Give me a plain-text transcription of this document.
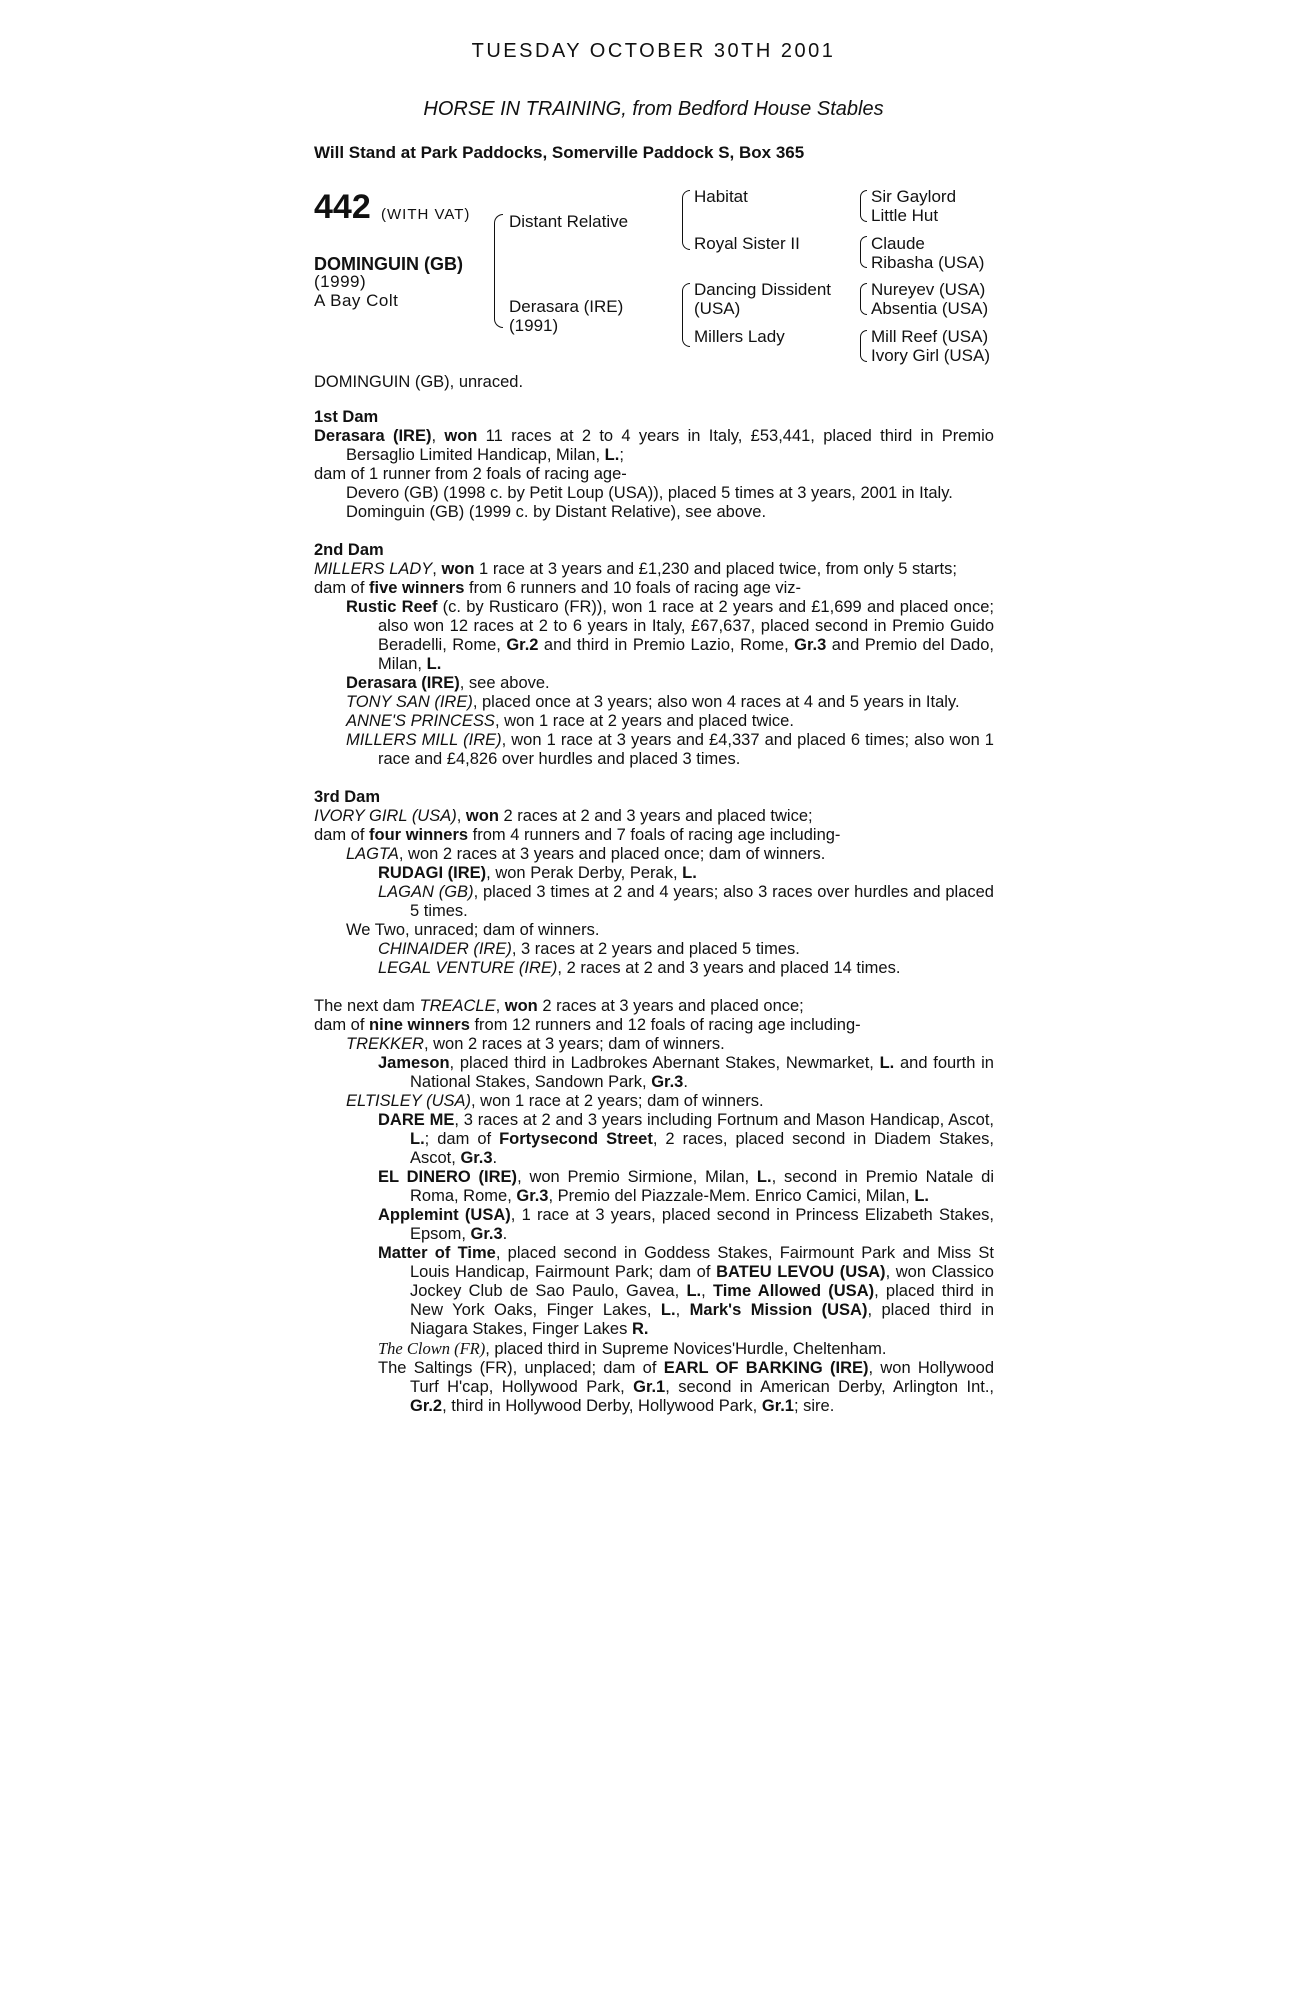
TUESDAY OCTOBER 30TH 2001
HORSE IN TRAINING, from Bedford House Stables
Will Stand at Park Paddocks, Somerville Paddock S, Box 365
442 (WITH VAT)
DOMINGUIN (GB)
(1999)
A Bay Colt
Distant Relative
Derasara (IRE)
(1991)
Habitat
Royal Sister II
Dancing Dissident
(USA)
Millers Lady
Sir Gaylord
Little Hut
Claude
Ribasha (USA)
Nureyev (USA)
Absentia (USA)
Mill Reef (USA)
Ivory Girl (USA)
DOMINGUIN (GB), unraced.

1st Dam

Derasara (IRE), won 11 races at 2 to 4 years in Italy, £53,441, placed third in Premio Bersaglio Limited Handicap, Milan, L.;

dam of 1 runner from 2 foals of racing age-

Devero (GB) (1998 c. by Petit Loup (USA)), placed 5 times at 3 years, 2001 in Italy.

Dominguin (GB) (1999 c. by Distant Relative), see above.

2nd Dam

MILLERS LADY, won 1 race at 3 years and £1,230 and placed twice, from only 5 starts;

dam of five winners from 6 runners and 10 foals of racing age viz-

Rustic Reef (c. by Rusticaro (FR)), won 1 race at 2 years and £1,699 and placed once; also won 12 races at 2 to 6 years in Italy, £67,637, placed second in Premio Guido Beradelli, Rome, Gr.2 and third in Premio Lazio, Rome, Gr.3 and Premio del Dado, Milan, L.

Derasara (IRE), see above.

TONY SAN (IRE), placed once at 3 years; also won 4 races at 4 and 5 years in Italy.

ANNE'S PRINCESS, won 1 race at 2 years and placed twice.

MILLERS MILL (IRE), won 1 race at 3 years and £4,337 and placed 6 times; also won 1 race and £4,826 over hurdles and placed 3 times.

3rd Dam

IVORY GIRL (USA), won 2 races at 2 and 3 years and placed twice;

dam of four winners from 4 runners and 7 foals of racing age including-

LAGTA, won 2 races at 3 years and placed once; dam of winners.

RUDAGI (IRE), won Perak Derby, Perak, L.

LAGAN (GB), placed 3 times at 2 and 4 years; also 3 races over hurdles and placed 5 times.

We Two, unraced; dam of winners.

CHINAIDER (IRE), 3 races at 2 years and placed 5 times.

LEGAL VENTURE (IRE), 2 races at 2 and 3 years and placed 14 times.

The next dam TREACLE, won 2 races at 3 years and placed once;

dam of nine winners from 12 runners and 12 foals of racing age including-

TREKKER, won 2 races at 3 years; dam of winners.

Jameson, placed third in Ladbrokes Abernant Stakes, Newmarket, L. and fourth in National Stakes, Sandown Park, Gr.3.

ELTISLEY (USA), won 1 race at 2 years; dam of winners.

DARE ME, 3 races at 2 and 3 years including Fortnum and Mason Handicap, Ascot, L.; dam of Fortysecond Street, 2 races, placed second in Diadem Stakes, Ascot, Gr.3.

EL DINERO (IRE), won Premio Sirmione, Milan, L., second in Premio Natale di Roma, Rome, Gr.3, Premio del Piazzale-Mem. Enrico Camici, Milan, L.

Applemint (USA), 1 race at 3 years, placed second in Princess Elizabeth Stakes, Epsom, Gr.3.

Matter of Time, placed second in Goddess Stakes, Fairmount Park and Miss St Louis Handicap, Fairmount Park; dam of BATEU LEVOU (USA), won Classico Jockey Club de Sao Paulo, Gavea, L., Time Allowed (USA), placed third in New York Oaks, Finger Lakes, L., Mark's Mission (USA), placed third in Niagara Stakes, Finger Lakes R.

The Clown (FR), placed third in Supreme Novices'Hurdle, Cheltenham.

The Saltings (FR), unplaced; dam of EARL OF BARKING (IRE), won Hollywood Turf H'cap, Hollywood Park, Gr.1, second in American Derby, Arlington Int., Gr.2, third in Hollywood Derby, Hollywood Park, Gr.1; sire.
